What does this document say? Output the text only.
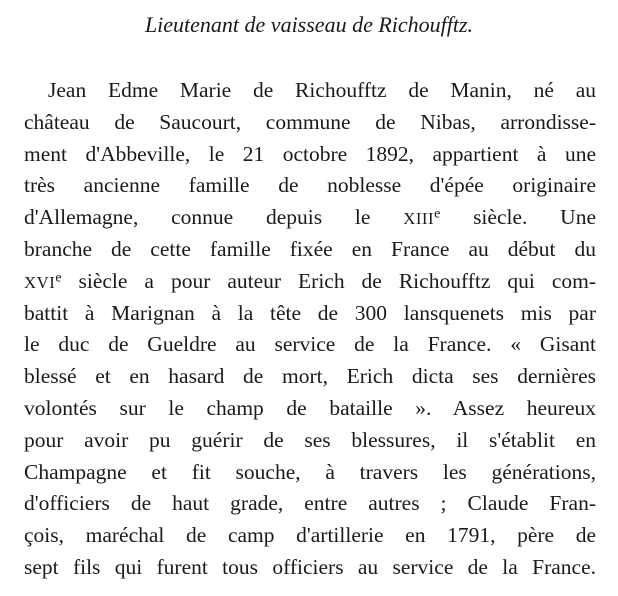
Lieutenant de vaisseau de Richoufftz.
Jean Edme Marie de Richoufftz de Manin, né au
château de Saucourt, commune de Nibas, arrondisse-
ment d'Abbeville, le 21 octobre 1892, appartient à une
très ancienne famille de noblesse d'épée originaire
d'Allemagne, connue depuis le XIIIe siècle. Une
branche de cette famille fixée en France au début du
XVIe siècle a pour auteur Erich de Richoufftz qui com-
battit à Marignan à la tête de 300 lansquenets mis par
le duc de Gueldre au service de la France. « Gisant
blessé et en hasard de mort, Erich dicta ses dernières
volontés sur le champ de bataille ». Assez heureux
pour avoir pu guérir de ses blessures, il s'établit en
Champagne et fit souche, à travers les générations,
d'officiers de haut grade, entre autres ; Claude Fran-
çois, maréchal de camp d'artillerie en 1791, père de
sept fils qui furent tous officiers au service de la France.
